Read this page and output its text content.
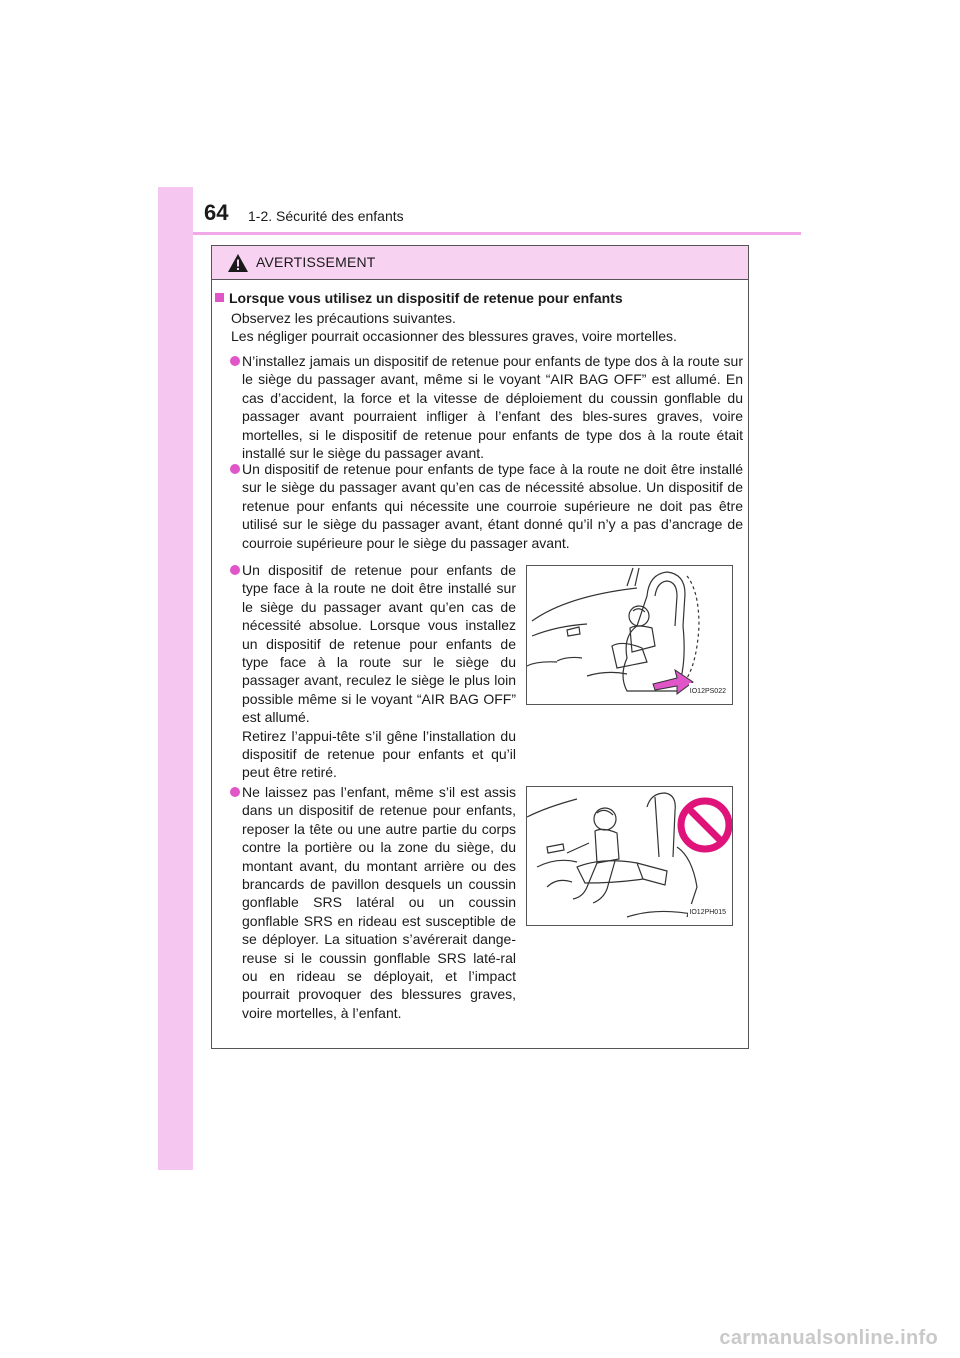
64 1-2. Sécurité des enfants
AVERTISSEMENT
Lorsque vous utilisez un dispositif de retenue pour enfants
Observez les précautions suivantes.
Les négliger pourrait occasionner des blessures graves, voire mortelles.
N’installez jamais un dispositif de retenue pour enfants de type dos à la route sur le siège du passager avant, même si le voyant “AIR BAG OFF” est allumé. En cas d’accident, la force et la vitesse de déploiement du coussin gonflable du passager avant pourraient infliger à l’enfant des bles-sures graves, voire mortelles, si le dispositif de retenue pour enfants de type dos à la route était installé sur le siège du passager avant.
Un dispositif de retenue pour enfants de type face à la route ne doit être installé sur le siège du passager avant qu’en cas de nécessité absolue. Un dispositif de retenue pour enfants qui nécessite une courroie supérieure ne doit pas être utilisé sur le siège du passager avant, étant donné qu’il n’y a pas d’ancrage de courroie supérieure pour le siège du passager avant.
Un dispositif de retenue pour enfants de type face à la route ne doit être installé sur le siège du passager avant qu’en cas de nécessité absolue. Lorsque vous installez un dispositif de retenue pour enfants de type face à la route sur le siège du passager avant, reculez le siège le plus loin possible même si le voyant “AIR BAG OFF” est allumé.
Retirez l’appui-tête s’il gêne l’installation du dispositif de retenue pour enfants et qu’il peut être retiré.
IO12PS022
Ne laissez pas l’enfant, même s’il est assis dans un dispositif de retenue pour enfants, reposer la tête ou une autre partie du corps contre la portière ou la zone du siège, du montant avant, du montant arrière ou des brancards de pavillon desquels un coussin gonflable SRS latéral ou un coussin gonflable SRS en rideau est susceptible de se déployer. La situation s’avérerait dange-reuse si le coussin gonflable SRS laté-ral ou en rideau se déployait, et l’impact pourrait provoquer des blessures graves, voire mortelles, à l’enfant.
IO12PH015
carmanualsonline.info
